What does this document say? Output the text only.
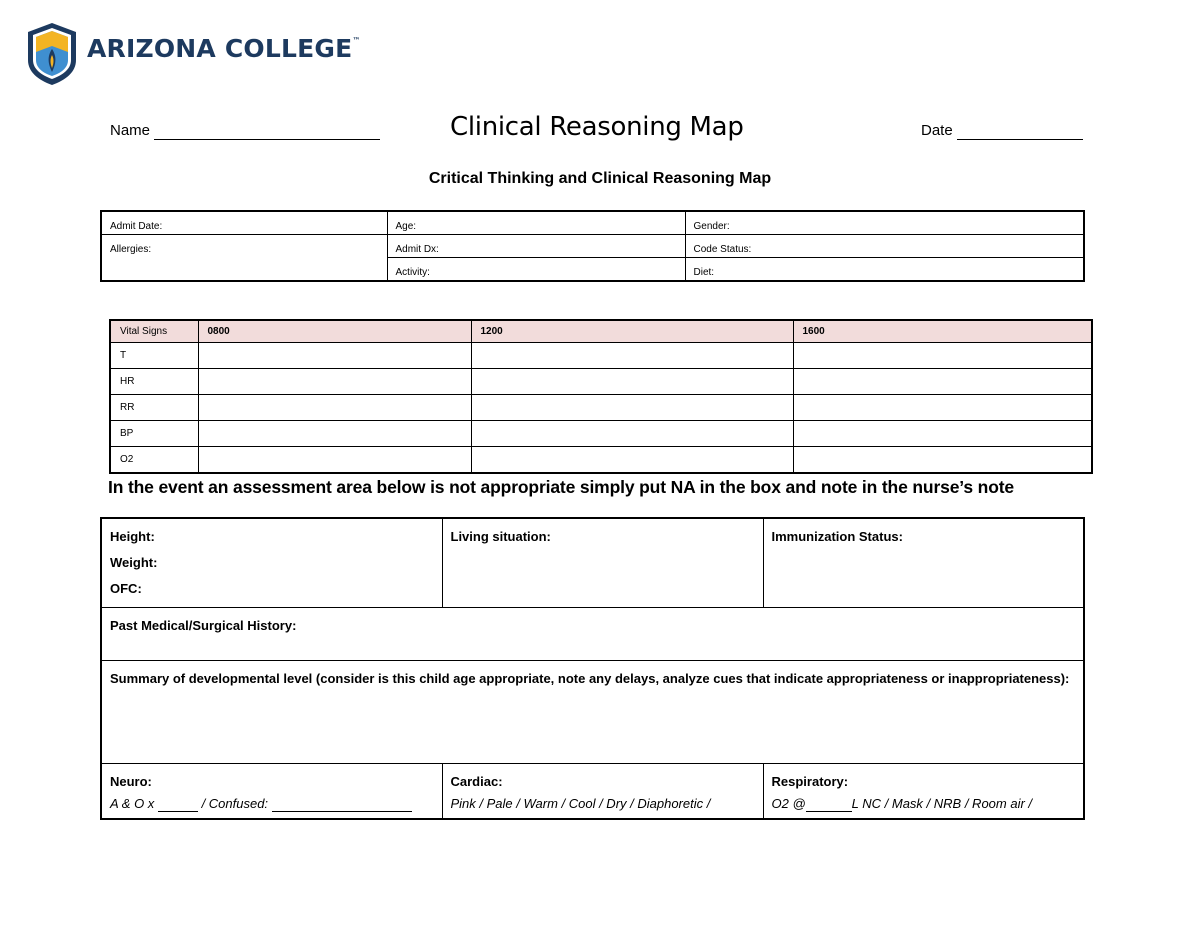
ARIZONA COLLEGE™
Name	Clinical Reasoning Map	Date
Critical Thinking and Clinical Reasoning Map
Admit Date:	Age:	Gender:
Allergies:	Admit Dx:	Code Status:
	Activity:	Diet:
Vital Signs	0800	1200	1600
T			
HR			
RR			
BP			
O2			
In the event an assessment area below is not appropriate simply put NA in the box and note in the nurse’s note
Height:
Weight:
OFC:	Living situation:	Immunization Status:
Past Medical/Surgical History:		
Summary of developmental level (consider is this child age appropriate, note any delays, analyze cues that indicate appropriateness or inappropriateness):		
Neuro:	Cardiac:	Respiratory:
A & O x / Confused:	Pink / Pale / Warm / Cool / Dry / Diaphoretic /	O2 @ L NC / Mask / NRB / Room air /
